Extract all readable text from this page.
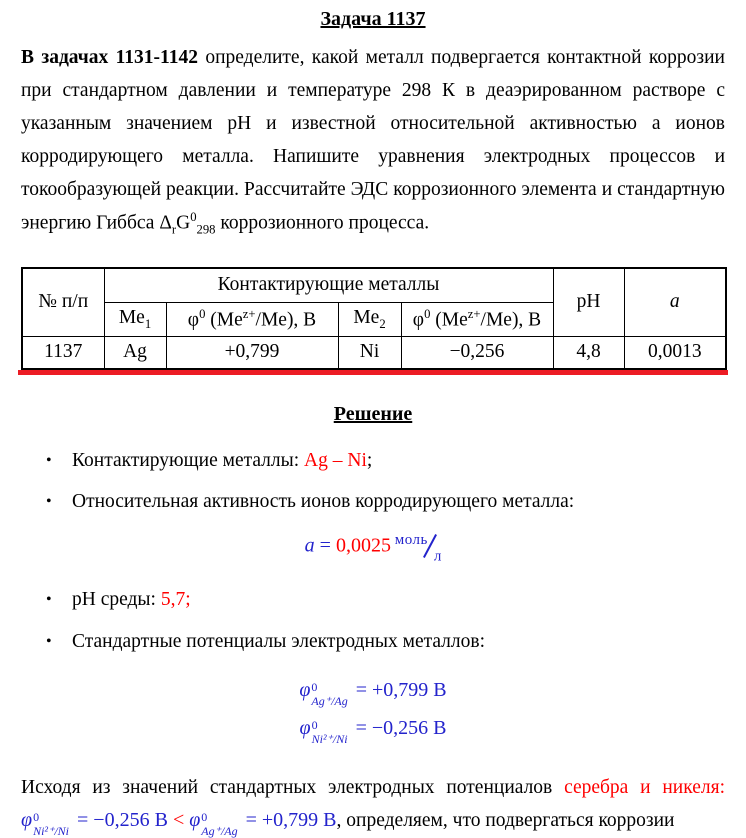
Задача 1137
В задачах 1131-1142 определите, какой металл подвергается контактной коррозии при стандартном давлении и температуре 298 К в деаэрированном растворе с указанным значением pH и известной относительной активностью a ионов корродирующего металла. Напишите уравнения электродных процессов и токообразующей реакции. Рассчитайте ЭДС коррозионного элемента и стандартную энергию Гиббса $\Delta_rG^0_{298}$ коррозионного процесса.
№ п/п	Контактирующие металлы				pH	a
	$Me_1$	$\varphi^0$ $(Me^{z+}/Me)$, В	$Me_2$	$\varphi^0$ $(Me^{z+}/Me)$, В		
1137	Ag	+0,799	Ni	−0,256	4,8	0,0013
Решение
•	Контактирующие металлы: Ag – Ni;
•	Относительная активность ионов корродирующего металла:
a = 0,0025 мольл
•	pH среды: 5,7;
•	Стандартные потенциалы электродных металлов:
φ 0
Ag⁺/Ag = +0,799 В
φ 0
Ni²⁺/Ni = −0,256 В
Исходя из значений стандартных электродных потенциалов серебра и никеля: φ 0
Ni²⁺/Ni = −0,256 В < φ 0
Ag⁺/Ag = +0,799 В, определяем, что подвергаться коррозии
